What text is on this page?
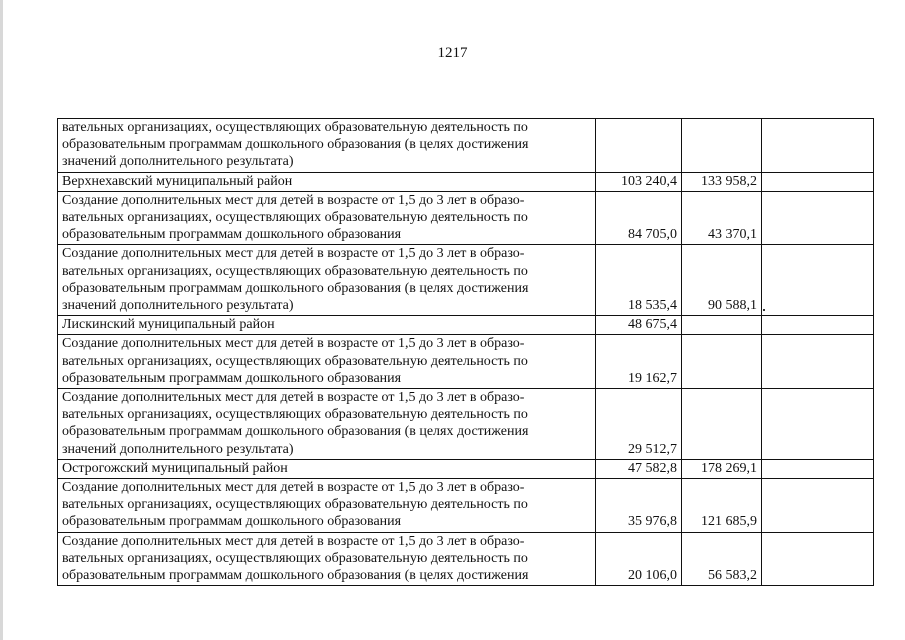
1217
вательных организациях, осуществляющих образовательную деятельность по
образовательным программам дошкольного образования (в целях достижения
значений дополнительного результата)			

Верхнехавский муниципальный район	103 240,4	133 958,2	

Создание дополнительных мест для детей в возрасте от 1,5 до 3 лет в образо-
вательных организациях, осуществляющих образовательную деятельность по
образовательным программам дошкольного образования	84 705,0	43 370,1	

Создание дополнительных мест для детей в возрасте от 1,5 до 3 лет в образо-
вательных организациях, осуществляющих образовательную деятельность по
образовательным программам дошкольного образования (в целях достижения
значений дополнительного результата)	18 535,4	90 588,1	

Лискинский муниципальный район	48 675,4		

Создание дополнительных мест для детей в возрасте от 1,5 до 3 лет в образо-
вательных организациях, осуществляющих образовательную деятельность по
образовательным программам дошкольного образования	19 162,7		

Создание дополнительных мест для детей в возрасте от 1,5 до 3 лет в образо-
вательных организациях, осуществляющих образовательную деятельность по
образовательным программам дошкольного образования (в целях достижения
значений дополнительного результата)	29 512,7		

Острогожский муниципальный район	47 582,8	178 269,1	

Создание дополнительных мест для детей в возрасте от 1,5 до 3 лет в образо-
вательных организациях, осуществляющих образовательную деятельность по
образовательным программам дошкольного образования	35 976,8	121 685,9	

Создание дополнительных мест для детей в возрасте от 1,5 до 3 лет в образо-
вательных организациях, осуществляющих образовательную деятельность по
образовательным программам дошкольного образования (в целях достижения	20 106,0	56 583,2	
